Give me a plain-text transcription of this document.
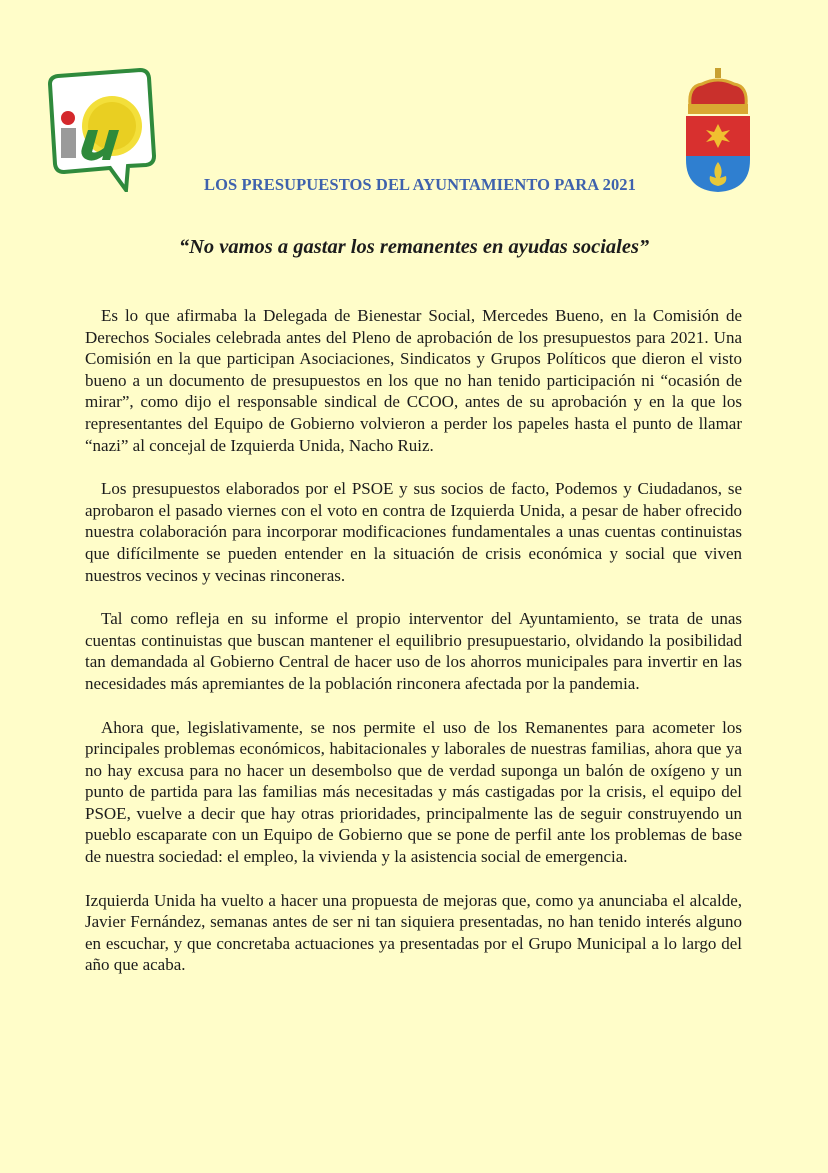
LOS PRESUPUESTOS DEL AYUNTAMIENTO PARA 2021
“No vamos a gastar los remanentes en ayudas sociales”

Es lo que afirmaba la Delegada de Bienestar Social, Mercedes Bueno, en la Comisión de Derechos Sociales celebrada antes del Pleno de aprobación de los presupuestos para 2021. Una Comisión en la que participan Asociaciones, Sindicatos y Grupos Políticos que dieron el visto bueno a un documento de presupuestos en los que no han tenido participación ni “ocasión de mirar”, como dijo el responsable sindical de CCOO, antes de su aprobación y en la que los representantes del Equipo de Gobierno volvieron a perder los papeles hasta el punto de llamar “nazi” al concejal de Izquierda Unida, Nacho Ruiz.

Los presupuestos elaborados por el PSOE y sus socios de facto, Podemos y Ciudadanos, se aprobaron el pasado viernes con el voto en contra de Izquierda Unida, a pesar de haber ofrecido nuestra colaboración para incorporar modificaciones fundamentales a unas cuentas continuistas que difícilmente se pueden entender en la situación de crisis económica y social que viven nuestros vecinos y vecinas rinconeras.

Tal como refleja en su informe el propio interventor del Ayuntamiento, se trata de unas cuentas continuistas que buscan mantener el equilibrio presupuestario, olvidando la posibilidad tan demandada al Gobierno Central de hacer uso de los ahorros municipales para invertir en las necesidades más apremiantes de la población rinconera afectada por la pandemia.

Ahora que, legislativamente, se nos permite el uso de los Remanentes para acometer los principales problemas económicos, habitacionales y laborales de nuestras familias, ahora que ya no hay excusa para no hacer un desembolso que de verdad suponga un balón de oxígeno y un punto de partida para las familias más necesitadas y más castigadas por la crisis, el equipo del PSOE, vuelve a decir que hay otras prioridades, principalmente las de seguir construyendo un pueblo escaparate con un Equipo de Gobierno que se pone de perfil ante los problemas de base de nuestra sociedad: el empleo, la vivienda y la asistencia social de emergencia.

Izquierda Unida ha vuelto a hacer una propuesta de mejoras que, como ya anunciaba el alcalde, Javier Fernández, semanas antes de ser ni tan siquiera presentadas, no han tenido interés alguno en escuchar, y que concretaba actuaciones ya presentadas por el Grupo Municipal a lo largo del año que acaba.
